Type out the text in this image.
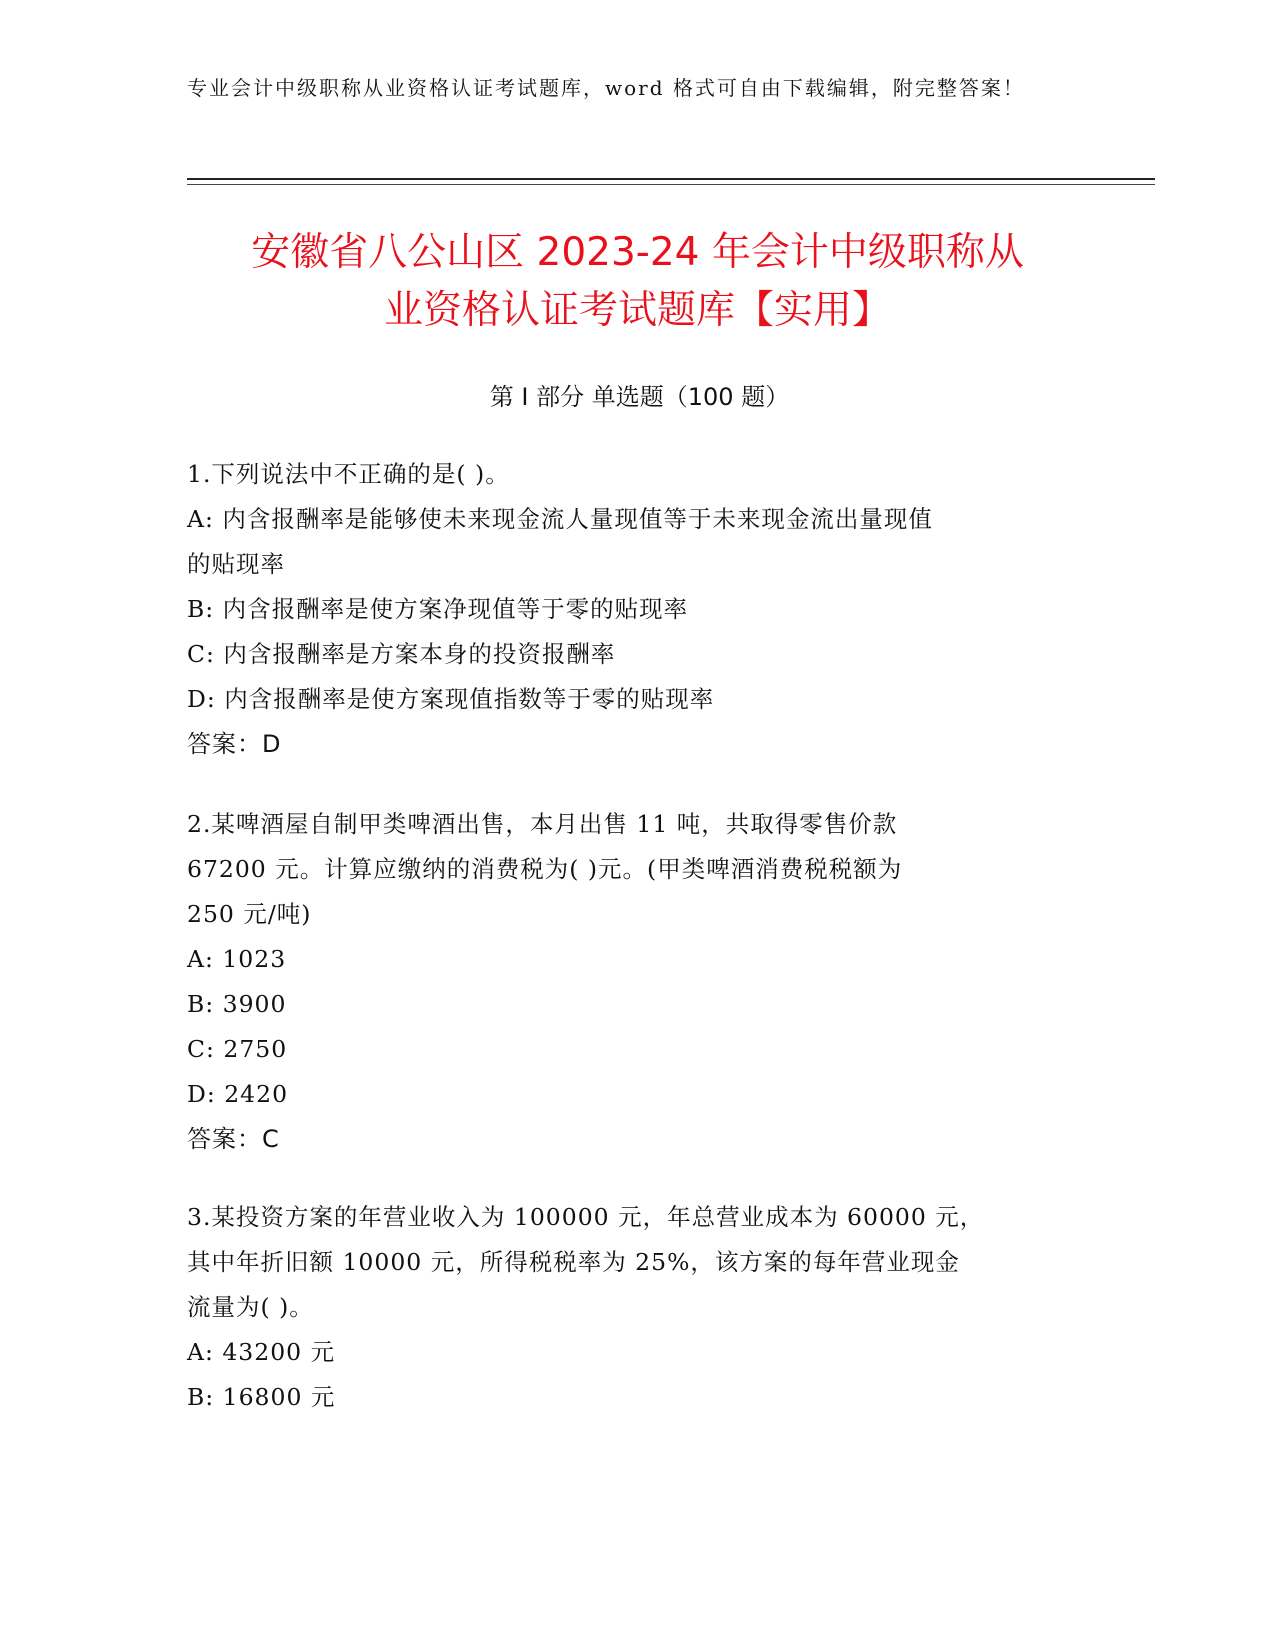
专业会计中级职称从业资格认证考试题库，word 格式可自由下载编辑，附完整答案！
安徽省八公山区 2023-24 年会计中级职称从
业资格认证考试题库【实用】
第 I 部分 单选题（100 题）
1.下列说法中不正确的是( )。
A: 内含报酬率是能够使未来现金流人量现值等于未来现金流出量现值
的贴现率
B: 内含报酬率是使方案净现值等于零的贴现率
C: 内含报酬率是方案本身的投资报酬率
D: 内含报酬率是使方案现值指数等于零的贴现率
答案：D
2.某啤酒屋自制甲类啤酒出售，本月出售 11 吨，共取得零售价款
67200 元。计算应缴纳的消费税为( )元。(甲类啤酒消费税税额为
250 元/吨)
A: 1023
B: 3900
C: 2750
D: 2420
答案：C
3.某投资方案的年营业收入为 100000 元，年总营业成本为 60000 元，
其中年折旧额 10000 元，所得税税率为 25%，该方案的每年营业现金
流量为( )。
A: 43200 元
B: 16800 元
